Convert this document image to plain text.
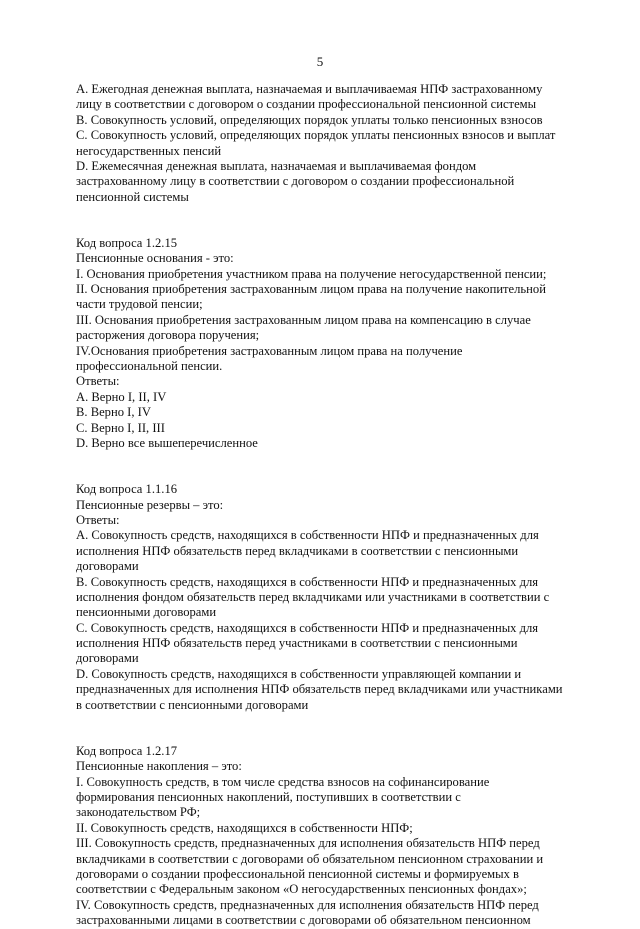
5
A. Ежегодная денежная выплата, назначаемая и выплачиваемая НПФ застрахованному
лицу в соответствии с договором о создании профессиональной пенсионной системы
B. Совокупность условий, определяющих порядок уплаты только пенсионных взносов
C. Совокупность условий, определяющих порядок уплаты пенсионных взносов и выплат
негосударственных пенсий
D. Ежемесячная денежная выплата, назначаемая и выплачиваемая фондом
застрахованному лицу в соответствии с договором о создании профессиональной
пенсионной системы
Код вопроса 1.2.15
Пенсионные основания - это:
I. Основания приобретения участником права на получение негосударственной пенсии;
II. Основания приобретения застрахованным лицом права на получение накопительной
части трудовой пенсии;
III. Основания приобретения застрахованным лицом права на компенсацию в случае
расторжения договора поручения;
IV.Основания приобретения застрахованным лицом права на получение
профессиональной пенсии.
Ответы:
A. Верно I, II, IV
B. Верно I, IV
C. Верно I, II, III
D. Верно все вышеперечисленное
Код вопроса 1.1.16
Пенсионные резервы – это:
Ответы:
A. Совокупность средств, находящихся в собственности НПФ и предназначенных для
исполнения НПФ обязательств перед вкладчиками в соответствии с пенсионными
договорами
B. Совокупность средств, находящихся в собственности НПФ и предназначенных для
исполнения фондом обязательств перед вкладчиками или участниками в соответствии с
пенсионными договорами
C. Совокупность средств, находящихся в собственности НПФ и предназначенных для
исполнения НПФ обязательств перед участниками в соответствии с пенсионными
договорами
D. Совокупность средств, находящихся в собственности управляющей компании и
предназначенных для исполнения НПФ обязательств перед вкладчиками или участниками
в соответствии с пенсионными договорами
Код вопроса 1.2.17
Пенсионные накопления – это:
I. Совокупность средств, в том числе средства взносов на софинансирование
формирования пенсионных накоплений, поступивших в соответствии с
законодательством РФ;
II. Совокупность средств, находящихся в собственности НПФ;
III. Совокупность средств, предназначенных для исполнения обязательств НПФ перед
вкладчиками в соответствии с договорами об обязательном пенсионном страховании и
договорами о создании профессиональной пенсионной системы и формируемых в
соответствии с Федеральным законом «О негосударственных пенсионных фондах»;
IV. Совокупность средств, предназначенных для исполнения обязательств НПФ перед
застрахованными лицами в соответствии с договорами об обязательном пенсионном
